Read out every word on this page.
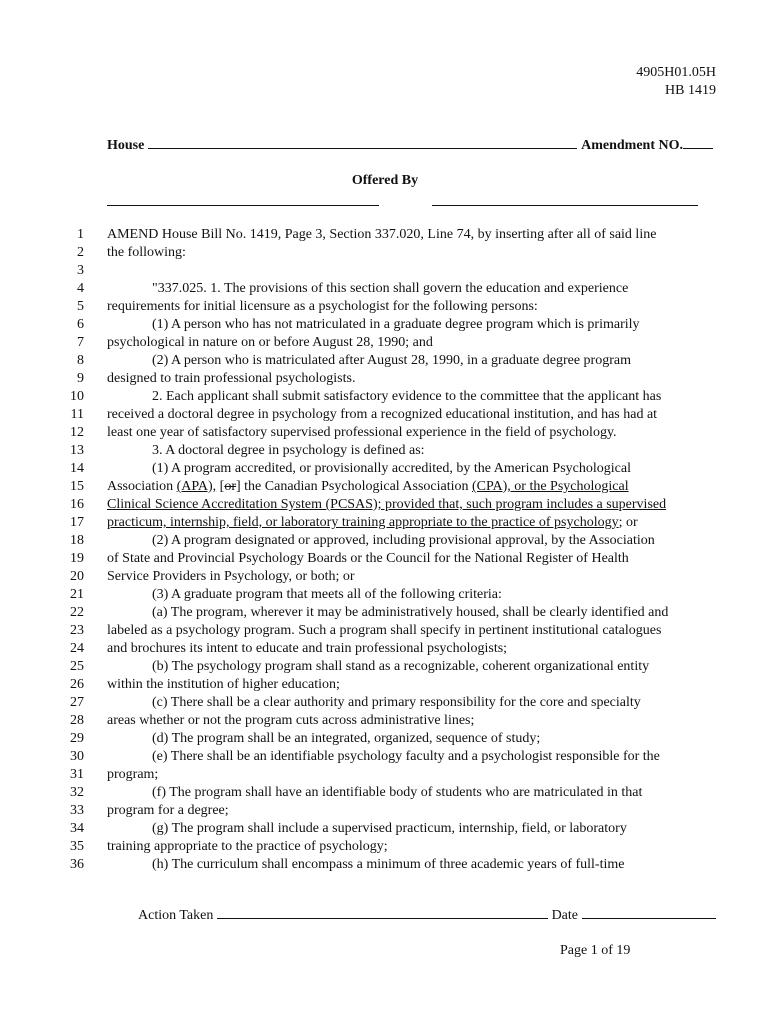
4905H01.05H
HB 1419
House	Amendment NO.
Offered By
1 AMEND House Bill No. 1419, Page 3, Section 337.020, Line 74, by inserting after all of said line
2 the following:
3
4	"337.025. 1. The provisions of this section shall govern the education and experience
5 requirements for initial licensure as a psychologist for the following persons:
6	(1) A person who has not matriculated in a graduate degree program which is primarily
7 psychological in nature on or before August 28, 1990; and
8	(2) A person who is matriculated after August 28, 1990, in a graduate degree program
9 designed to train professional psychologists.
10	2. Each applicant shall submit satisfactory evidence to the committee that the applicant has
11 received a doctoral degree in psychology from a recognized educational institution, and has had at
12 least one year of satisfactory supervised professional experience in the field of psychology.
13	3. A doctoral degree in psychology is defined as:
14	(1) A program accredited, or provisionally accredited, by the American Psychological
15 Association (APA), [or] the Canadian Psychological Association (CPA), or the Psychological
16 Clinical Science Accreditation System (PCSAS); provided that, such program includes a supervised
17 practicum, internship, field, or laboratory training appropriate to the practice of psychology; or
18	(2) A program designated or approved, including provisional approval, by the Association
19 of State and Provincial Psychology Boards or the Council for the National Register of Health
20 Service Providers in Psychology, or both; or
21	(3) A graduate program that meets all of the following criteria:
22	(a) The program, wherever it may be administratively housed, shall be clearly identified and
23 labeled as a psychology program. Such a program shall specify in pertinent institutional catalogues
24 and brochures its intent to educate and train professional psychologists;
25	(b) The psychology program shall stand as a recognizable, coherent organizational entity
26 within the institution of higher education;
27	(c) There shall be a clear authority and primary responsibility for the core and specialty
28 areas whether or not the program cuts across administrative lines;
29	(d) The program shall be an integrated, organized, sequence of study;
30	(e) There shall be an identifiable psychology faculty and a psychologist responsible for the
31 program;
32	(f) The program shall have an identifiable body of students who are matriculated in that
33 program for a degree;
34	(g) The program shall include a supervised practicum, internship, field, or laboratory
35 training appropriate to the practice of psychology;
36	(h) The curriculum shall encompass a minimum of three academic years of full-time
Action Taken	Date
Page 1 of 19
